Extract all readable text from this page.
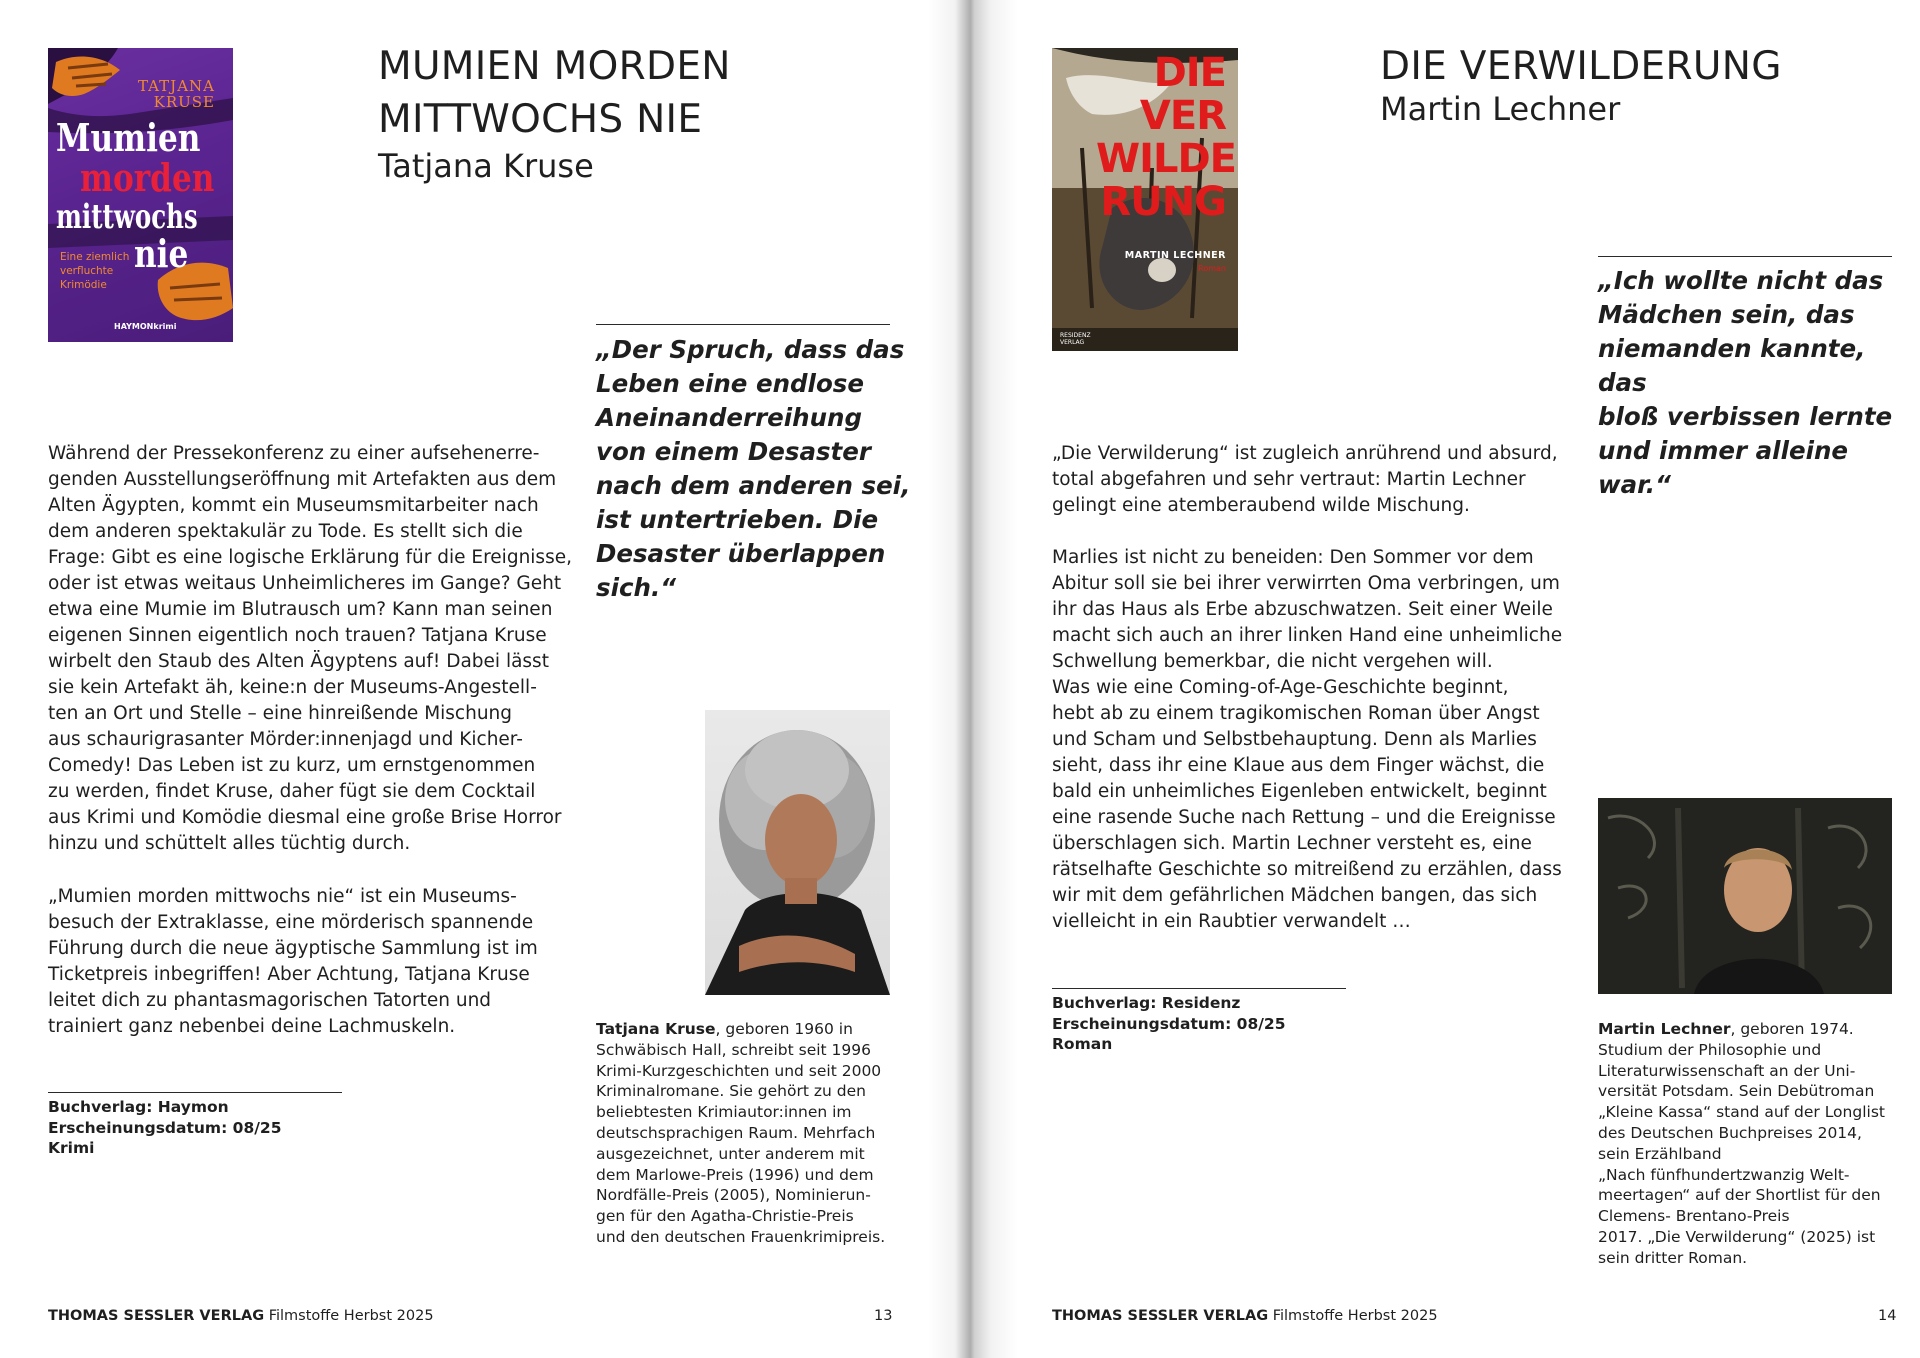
TATJANA KRUSE
Mumien
morden
mittwochs
nie
Eine ziemlich verfluchte Krimödie
HAYMONkrimi
MUMIEN MORDEN
MITTWOCHS NIE
Tatjana Kruse
„Der Spruch, dass das
Leben eine endlose
Aneinanderreihung
von einem Desaster
nach dem anderen sei,
ist untertrieben. Die
Desaster überlappen
sich.“
Während der Pressekonferenz zu einer aufsehenerre-
genden Ausstellungseröffnung mit Artefakten aus dem
Alten Ägypten, kommt ein Museumsmitarbeiter nach
dem anderen spektakulär zu Tode. Es stellt sich die
Frage: Gibt es eine logische Erklärung für die Ereignisse,
oder ist etwas weitaus Unheimlicheres im Gange? Geht
etwa eine Mumie im Blutrausch um? Kann man seinen
eigenen Sinnen eigentlich noch trauen? Tatjana Kruse
wirbelt den Staub des Alten Ägyptens auf! Dabei lässt
sie kein Artefakt äh, keine:n der Museums-Angestell-
ten an Ort und Stelle – eine hinreißende Mischung
aus schaurigrasanter Mörder:innenjagd und Kicher-
Comedy! Das Leben ist zu kurz, um ernstgenommen
zu werden, findet Kruse, daher fügt sie dem Cocktail
aus Krimi und Komödie diesmal eine große Brise Horror
hinzu und schüttelt alles tüchtig durch.
„Mumien morden mittwochs nie“ ist ein Museums-
besuch der Extraklasse, eine mörderisch spannende
Führung durch die neue ägyptische Sammlung ist im
Ticketpreis inbegriffen! Aber Achtung, Tatjana Kruse
leitet dich zu phantasmagorischen Tatorten und
trainiert ganz nebenbei deine Lachmuskeln.
Buchverlag: Haymon
Erscheinungsdatum: 08/25
Krimi
Tatjana Kruse, geboren 1960 in
Schwäbisch Hall, schreibt seit 1996
Krimi-Kurzgeschichten und seit 2000
Kriminalromane. Sie gehört zu den
beliebtesten Krimiautor:innen im
deutschsprachigen Raum. Mehrfach
ausgezeichnet, unter anderem mit
dem Marlowe-Preis (1996) und dem
Nordfälle-Preis (2005), Nominierun-
gen für den Agatha-Christie-Preis
und den deutschen Frauenkrimipreis.
THOMAS SESSLER VERLAG Filmstoffe Herbst 2025	13
DIE
VER
WILDE
RUNG
MARTIN LECHNER
Roman
RESIDENZ VERLAG
DIE VERWILDERUNG
Martin Lechner
„Ich wollte nicht das
Mädchen sein, das
niemanden kannte, das
bloß verbissen lernte
und immer alleine war.“
„Die Verwilderung“ ist zugleich anrührend und absurd,
total abgefahren und sehr vertraut: Martin Lechner
gelingt eine atemberaubend wilde Mischung.
Marlies ist nicht zu beneiden: Den Sommer vor dem
Abitur soll sie bei ihrer verwirrten Oma verbringen, um
ihr das Haus als Erbe abzuschwatzen. Seit einer Weile
macht sich auch an ihrer linken Hand eine unheimliche
Schwellung bemerkbar, die nicht vergehen will.
Was wie eine Coming-of-Age-Geschichte beginnt,
hebt ab zu einem tragikomischen Roman über Angst
und Scham und Selbstbehauptung. Denn als Marlies
sieht, dass ihr eine Klaue aus dem Finger wächst, die
bald ein unheimliches Eigenleben entwickelt, beginnt
eine rasende Suche nach Rettung – und die Ereignisse
überschlagen sich. Martin Lechner versteht es, eine
rätselhafte Geschichte so mitreißend zu erzählen, dass
wir mit dem gefährlichen Mädchen bangen, das sich
vielleicht in ein Raubtier verwandelt …
Buchverlag: Residenz
Erscheinungsdatum: 08/25
Roman
Martin Lechner, geboren 1974.
Studium der Philosophie und
Literaturwissenschaft an der Uni-
versität Potsdam. Sein Debütroman
„Kleine Kassa“ stand auf der Longlist
des Deutschen Buchpreises 2014,
sein Erzählband
„Nach fünfhundertzwanzig Welt-
meertagen“ auf der Shortlist für den
Clemens- Brentano-Preis
2017. „Die Verwilderung“ (2025) ist
sein dritter Roman.
THOMAS SESSLER VERLAG Filmstoffe Herbst 2025	14
